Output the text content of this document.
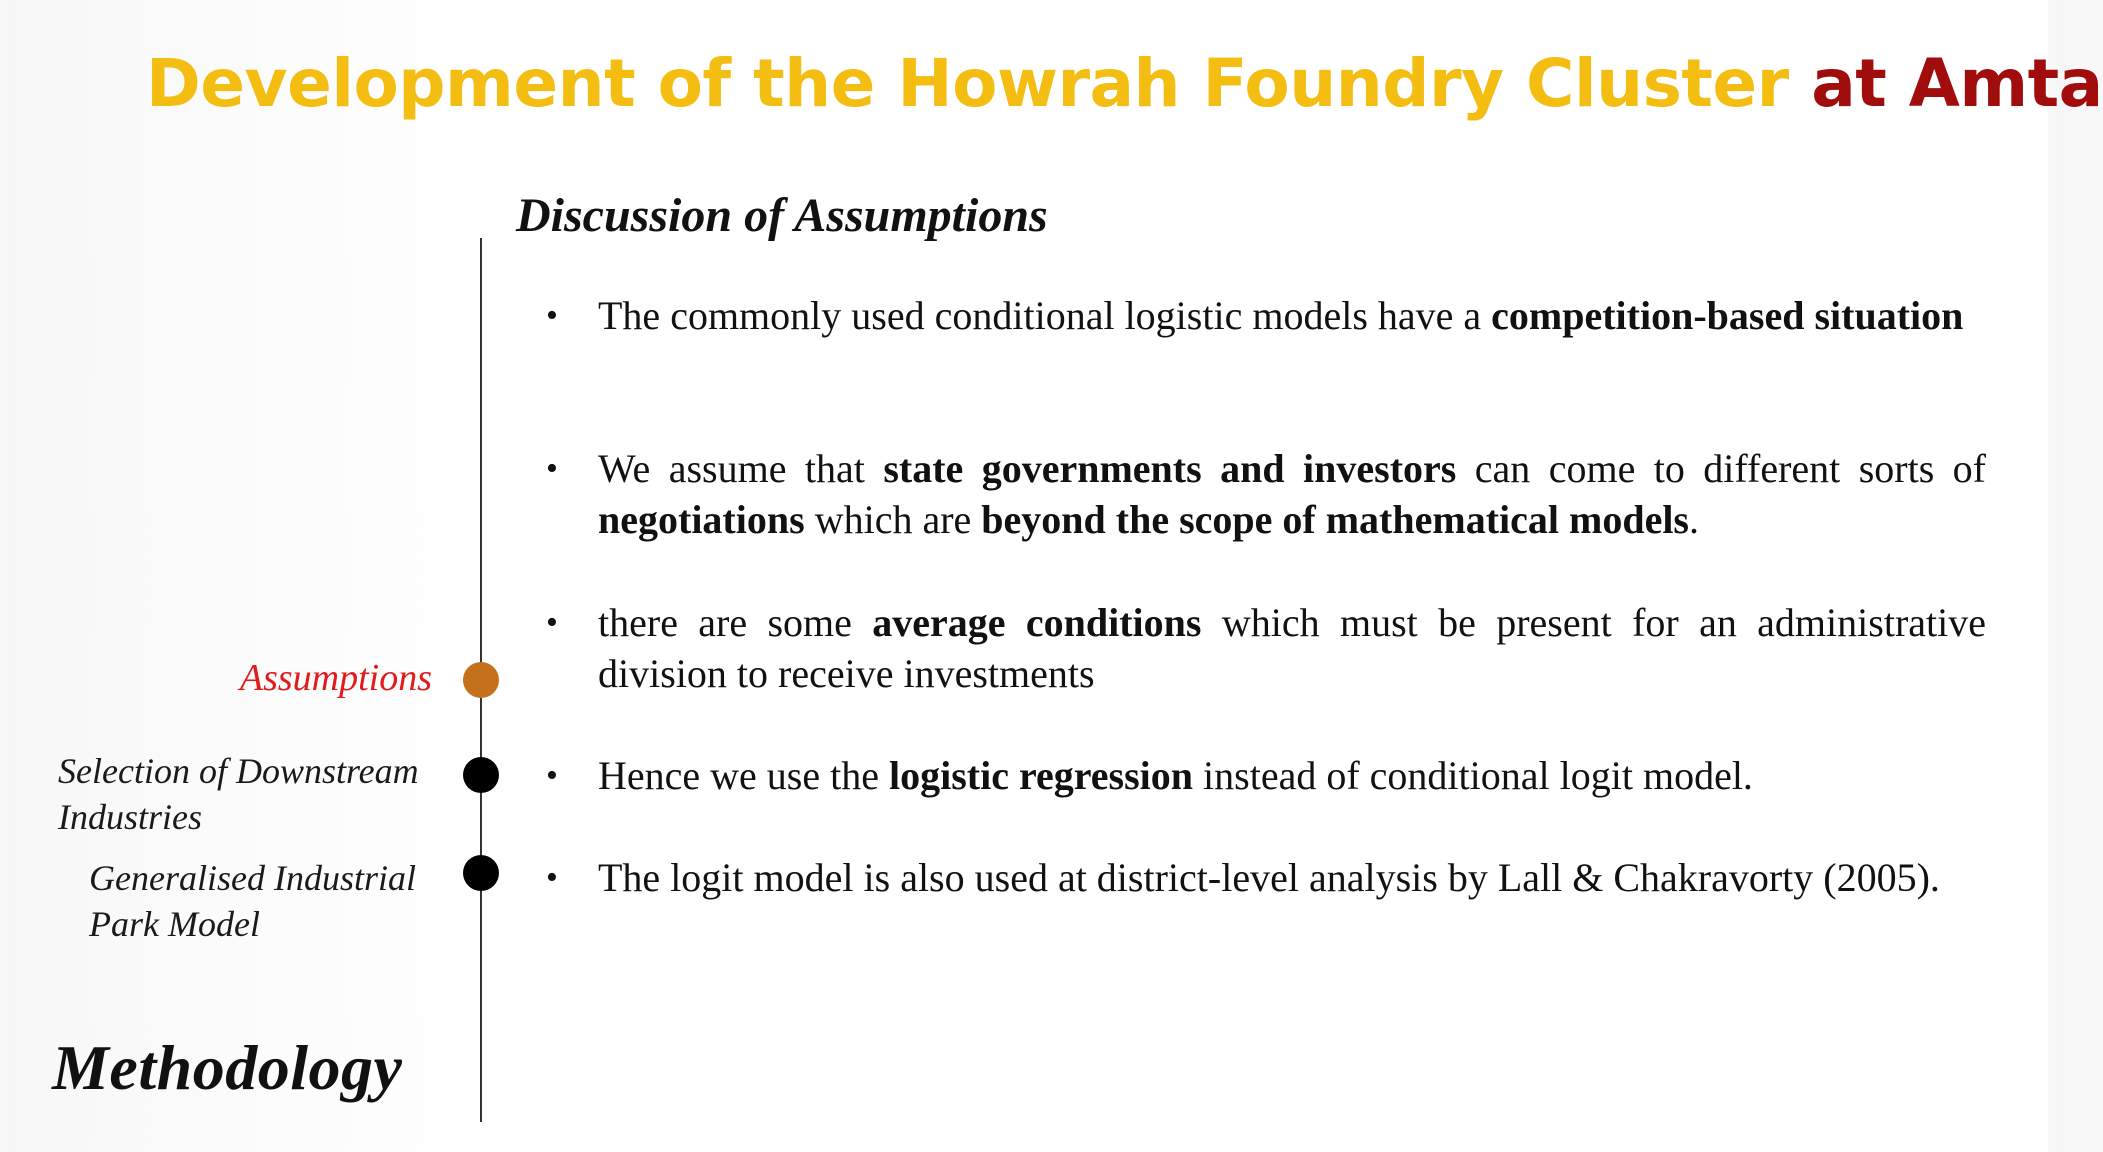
Development of the Howrah Foundry Cluster at Amta
Assumptions
Selection of Downstream
Industries
Generalised Industrial
Park Model
Methodology
Discussion of Assumptions
• The commonly used conditional logistic models have a competition-based situation
• We assume that state governments and investors can come to different sorts of negotiations which are beyond the scope of mathematical models.
• there are some average conditions which must be present for an administrative division to receive investments
• Hence we use the logistic regression instead of conditional logit model.
• The logit model is also used at district-level analysis by Lall & Chakravorty (2005).
